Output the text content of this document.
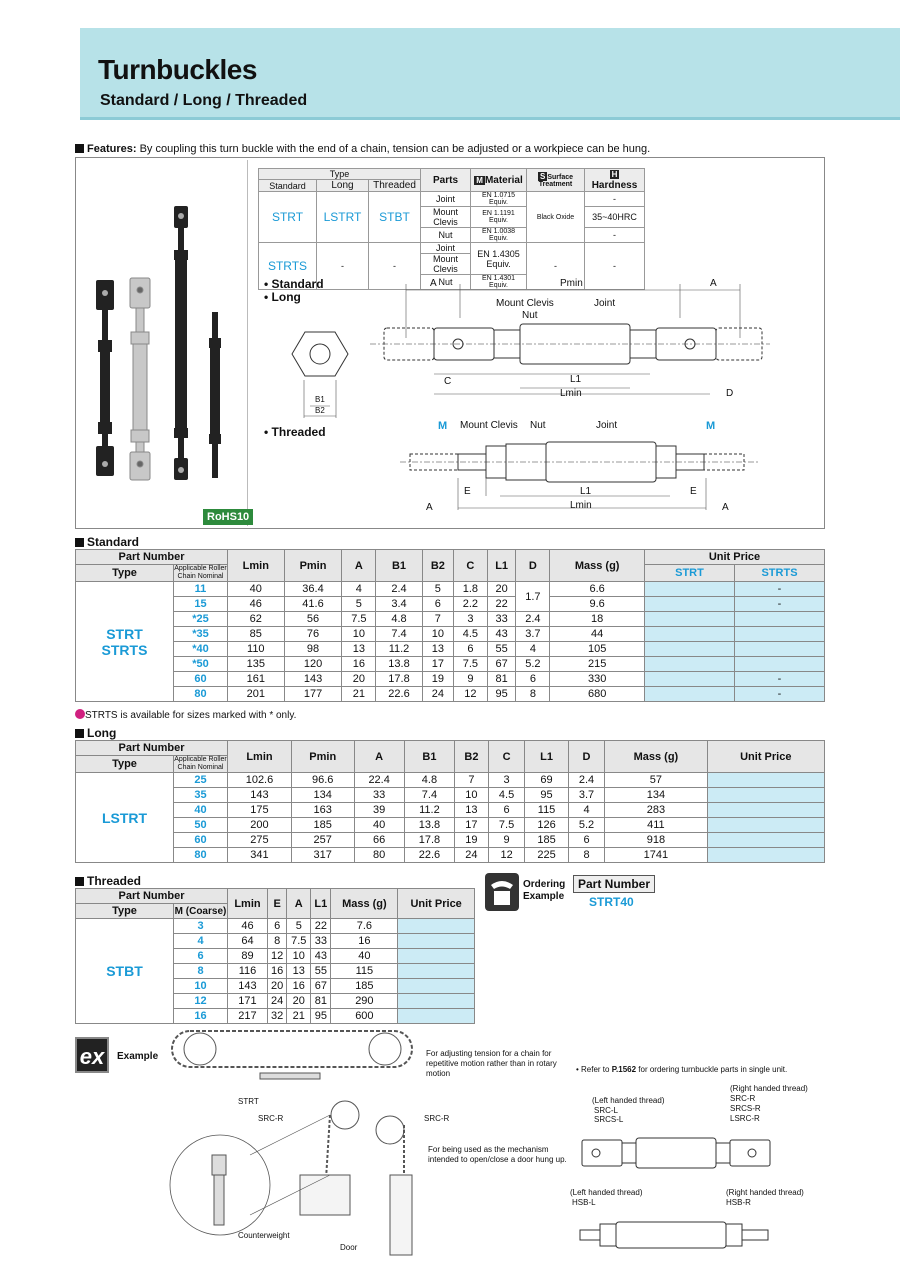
Turnbuckles
Standard / Long / Threaded
Features: By coupling this turn buckle with the end of a chain, tension can be adjusted or a workpiece can be hung.
RoHS10
Type			Parts	M Material	S Surface Treatment	HHardness
Standard	Long	Threaded				
STRT	LSTRT	STBT	Joint	EN 1.0715 Equiv.	Black Oxide	-
			Mount Clevis	EN 1.1191 Equiv.		35~40HRC
			Nut	EN 1.0038 Equiv.		-
STRTS	-	-	Joint	EN 1.4305 Equiv.	-	-
			Mount Clevis			
			Nut	EN 1.4301 Equiv.		
• Standard
• Long
• Threaded
B1
B2
A	Pmin	A
Mount Clevis
Nut
Joint
C	L1
Lmin	D
M Mount Clevis Nut	Joint	M
E	L1
A	Lmin
E
A
Standard
Part Number		Lmin	Pmin	A	B1	B2	C	L1	D	Mass (g)	Unit Price	
Type	Applicable Roller Chain Nominal										STRT	STRTS

STRT
STRTS	11	40	36.4	4	2.4	5	1.8	20	1.7	6.6		-
	15	46	41.6	5	3.4	6	2.2	22		9.6		-
	*25	62	56	7.5	4.8	7	3	33	2.4	18		
	*35	85	76	10	7.4	10	4.5	43	3.7	44		
	*40	110	98	13	11.2	13	6	55	4	105		
	*50	135	120	16	13.8	17	7.5	67	5.2	215		
	60	161	143	20	17.8	19	9	81	6	330		-
	80	201	177	21	22.6	24	12	95	8	680		-
STRTS is available for sizes marked with * only.
Long
Part Number		Lmin	Pmin	A	B1	B2	C	L1	D	Mass (g)	Unit Price
Type	Applicable Roller Chain Nominal										
LSTRT	25	102.6	96.6	22.4	4.8	7	3	69	2.4	57	
	35	143	134	33	7.4	10	4.5	95	3.7	134	
	40	175	163	39	11.2	13	6	115	4	283	
	50	200	185	40	13.8	17	7.5	126	5.2	411	
	60	275	257	66	17.8	19	9	185	6	918	
	80	341	317	80	22.6	24	12	225	8	1741	
Threaded
Part Number		Lmin	E	A	L1	Mass (g)	Unit Price
Type	M (Coarse)						
STBT	3	46	6	5	22	7.6	
	4	64	8	7.5	33	16	
	6	89	12	10	43	40	
	8	116	16	13	55	115	
	10	143	20	16	67	185	
	12	171	24	20	81	290	
	16	217	32	21	95	600	
Ordering
Example
Part Number
STRT40
ex	Example	For adjusting tension for a chain for repetitive motion rather than in rotary motion
STRT
SRC-R	SRC-R
For being used as the mechanism intended to open/close a door hung up.
Counterweight
Door
• Refer to P.1562 for ordering turnbuckle parts in single unit.
(Left handed thread)
SRC-L
SRCS-L
(Right handed thread)
SRC-R
SRCS-R
LSRC-R
(Left handed thread)
HSB-L
(Right handed thread)
HSB-R
